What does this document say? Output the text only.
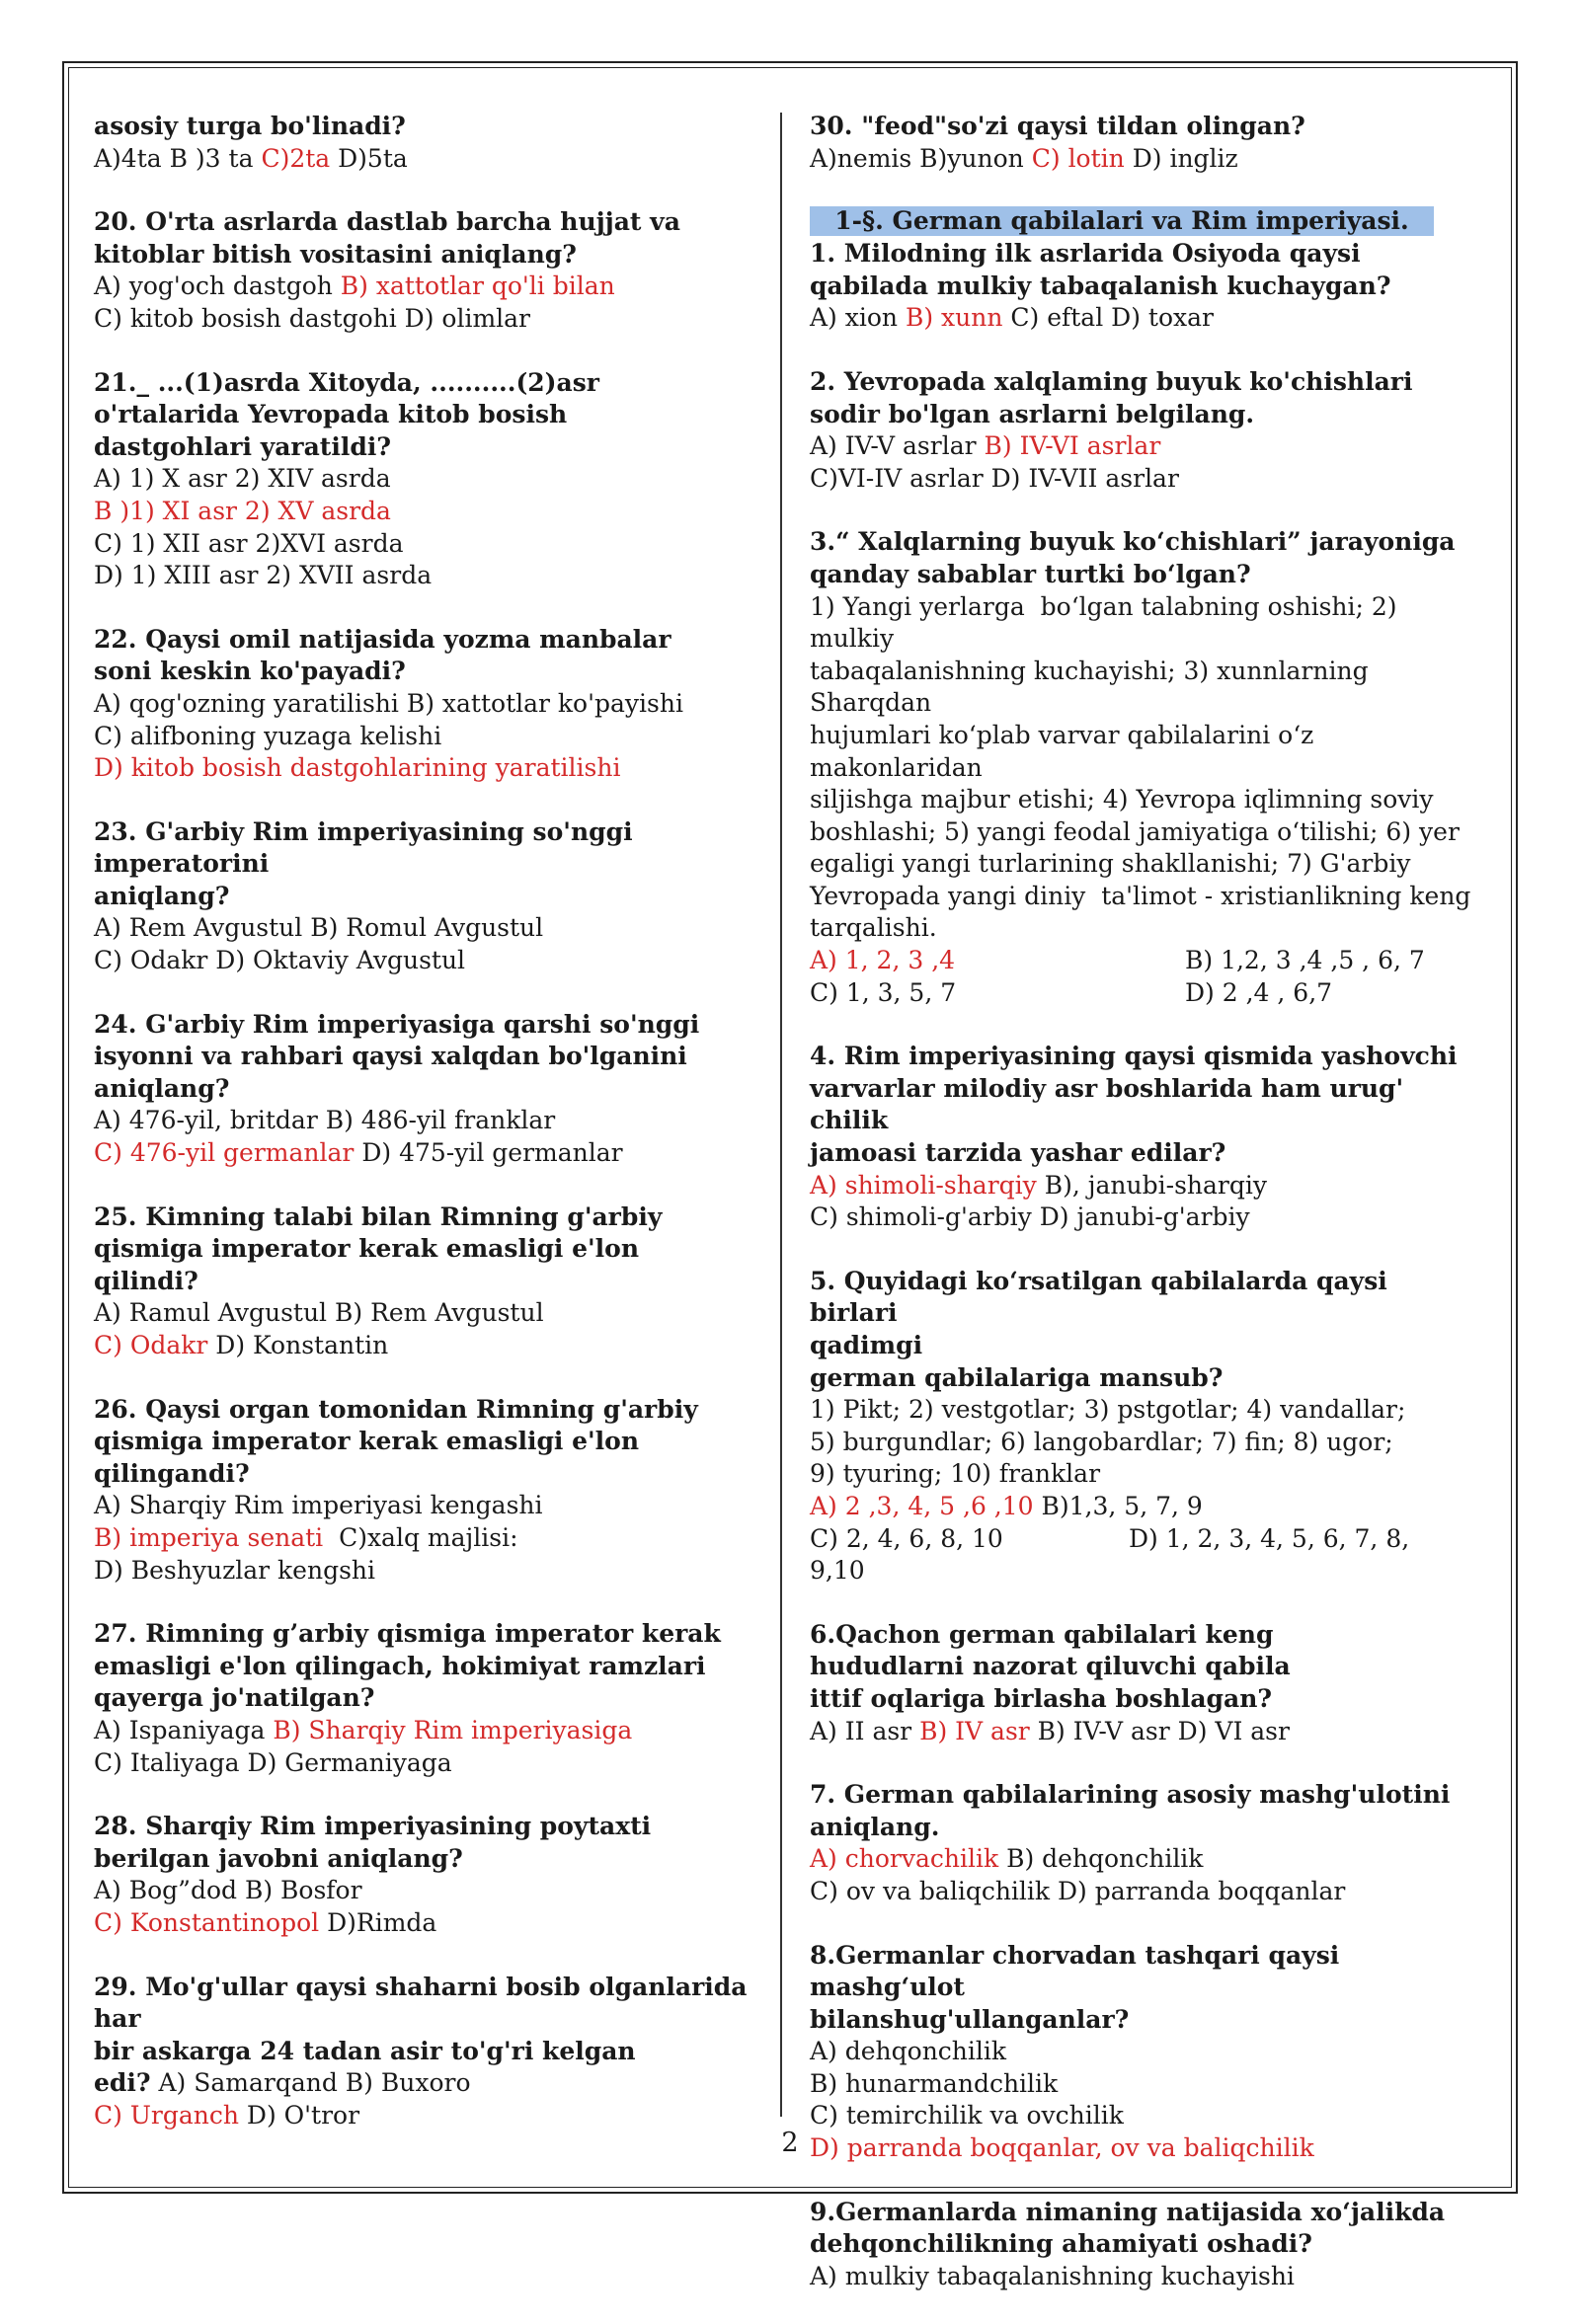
asosiy turga bo'linadi?
A)4ta B )3 ta C)2ta D)5ta
20. O'rta asrlarda dastlab barcha hujjat va
kitoblar bitish vositasini aniqlang?
A) yog'och dastgoh B) xattotlar qo'li bilan
C) kitob bosish dastgohi D) olimlar
21._ ...(1)asrda Xitoyda, ..........(2)asr
o'rtalarida Yevropada kitob bosish
dastgohlari yaratildi?
A) 1) X asr 2) XIV asrda
B )1) XI asr 2) XV asrda
C) 1) XII asr 2)XVI asrda
D) 1) XIII asr 2) XVII asrda
22. Qaysi omil natijasida yozma manbalar
soni keskin ko'payadi?
A) qog'ozning yaratilishi B) xattotlar ko'payishi
C) alifboning yuzaga kelishi
D) kitob bosish dastgohlarining yaratilishi
23. G'arbiy Rim imperiyasining so'nggi imperatorini
aniqlang?
A) Rem Avgustul B) Romul Avgustul
C) Odakr D) Oktaviy Avgustul
24. G'arbiy Rim imperiyasiga qarshi so'nggi
isyonni va rahbari qaysi xalqdan bo'lganini
aniqlang?
A) 476-yil, britdar B) 486-yil franklar
C) 476-yil germanlar D) 475-yil germanlar
25. Kimning talabi bilan Rimning g'arbiy
qismiga imperator kerak emasligi e'lon
qilindi?
A) Ramul Avgustul B) Rem Avgustul
C) Odakr D) Konstantin
26. Qaysi organ tomonidan Rimning g'arbiy
qismiga imperator kerak emasligi e'lon
qilingandi?
A) Sharqiy Rim imperiyasi kengashi
B) imperiya senati  C)xalq majlisi:
D) Beshyuzlar kengshi
27. Rimning g’arbiy qismiga imperator kerak
emasligi e'lon qilingach, hokimiyat ramzlari
qayerga jo'natilgan?
A) Ispaniyaga B) Sharqiy Rim imperiyasiga
C) Italiyaga D) Germaniyaga
28. Sharqiy Rim imperiyasining poytaxti
berilgan javobni aniqlang?
A) Bog”dod B) Bosfor
C) Konstantinopol D)Rimda
29. Mo'g'ullar qaysi shaharni bosib olganlarida har
bir askarga 24 tadan asir to'g'ri kelgan
edi? A) Samarqand B) Buxoro
C) Urganch D) O'tror
30. "feod"so'zi qaysi tildan olingan?
A)nemis B)yunon C) lotin D) ingliz
1-§. German qabilalari va Rim imperiyasi.
1. Milodning ilk asrlarida Osiyoda qaysi
qabilada mulkiy tabaqalanish kuchaygan?
A) xion B) xunn C) eftal D) toxar
2. Yevropada xalqlaming buyuk ko'chishlari
sodir bo'lgan asrlarni belgilang.
A) IV-V asrlar B) IV-VI asrlar
C)VI-IV asrlar D) IV-VII asrlar
3.“ Xalqlarning buyuk ko‘chishlari” jarayoniga
qanday sabablar turtki bo‘lgan?
1) Yangi yerlarga  bo‘lgan talabning oshishi; 2) mulkiy
tabaqalanishning kuchayishi; 3) xunnlarning Sharqdan
hujumlari ko‘plab varvar qabilalarini o‘z makonlaridan
siljishga majbur etishi; 4) Yevropa iqlimning soviy
boshlashi; 5) yangi feodal jamiyatiga o‘tilishi; 6) yer
egaligi yangi turlarining shakllanishi; 7) G'arbiy
Yevropada yangi diniy  ta'limot - xristianlikning keng
tarqalishi.
A) 1, 2, 3 ,4	B) 1,2, 3 ,4 ,5 , 6, 7
C) 1, 3, 5, 7	D) 2 ,4 , 6,7
4. Rim imperiyasining qaysi qismida yashovchi
varvarlar milodiy asr boshlarida ham urug' chilik
jamoasi tarzida yashar edilar?
A) shimoli-sharqiy B), janubi-sharqiy
C) shimoli-g'arbiy D) janubi-g'arbiy
5. Quyidagi ko‘rsatilgan qabilalarda qaysi birlari
qadimgi
german qabilalariga mansub?
1) Pikt; 2) vestgotlar; 3) pstgotlar; 4) vandallar;
5) burgundlar; 6) langobardlar; 7) fin; 8) ugor;
9) tyuring; 10) franklar
A) 2 ,3, 4, 5 ,6 ,10 B)1,3, 5, 7, 9
C) 2, 4, 6, 8, 10                D) 1, 2, 3, 4, 5, 6, 7, 8, 9,10
6.Qachon german qabilalari keng
hududlarni nazorat qiluvchi qabila
ittif oqlariga birlasha boshlagan?
A) II asr B) IV asr B) IV-V asr D) VI asr
7. German qabilalarining asosiy mashg'ulotini
aniqlang.
A) chorvachilik B) dehqonchilik
C) ov va baliqchilik D) parranda boqqanlar
8.Germanlar chorvadan tashqari qaysi mashg‘ulot
bilanshug'ullanganlar?
A) dehqonchilik
B) hunarmandchilik
C) temirchilik va ovchilik
D) parranda boqqanlar, ov va baliqchilik
9.Germanlarda nimaning natijasida xo‘jalikda
dehqonchilikning ahamiyati oshadi?
A) mulkiy tabaqalanishning kuchayishi
2
